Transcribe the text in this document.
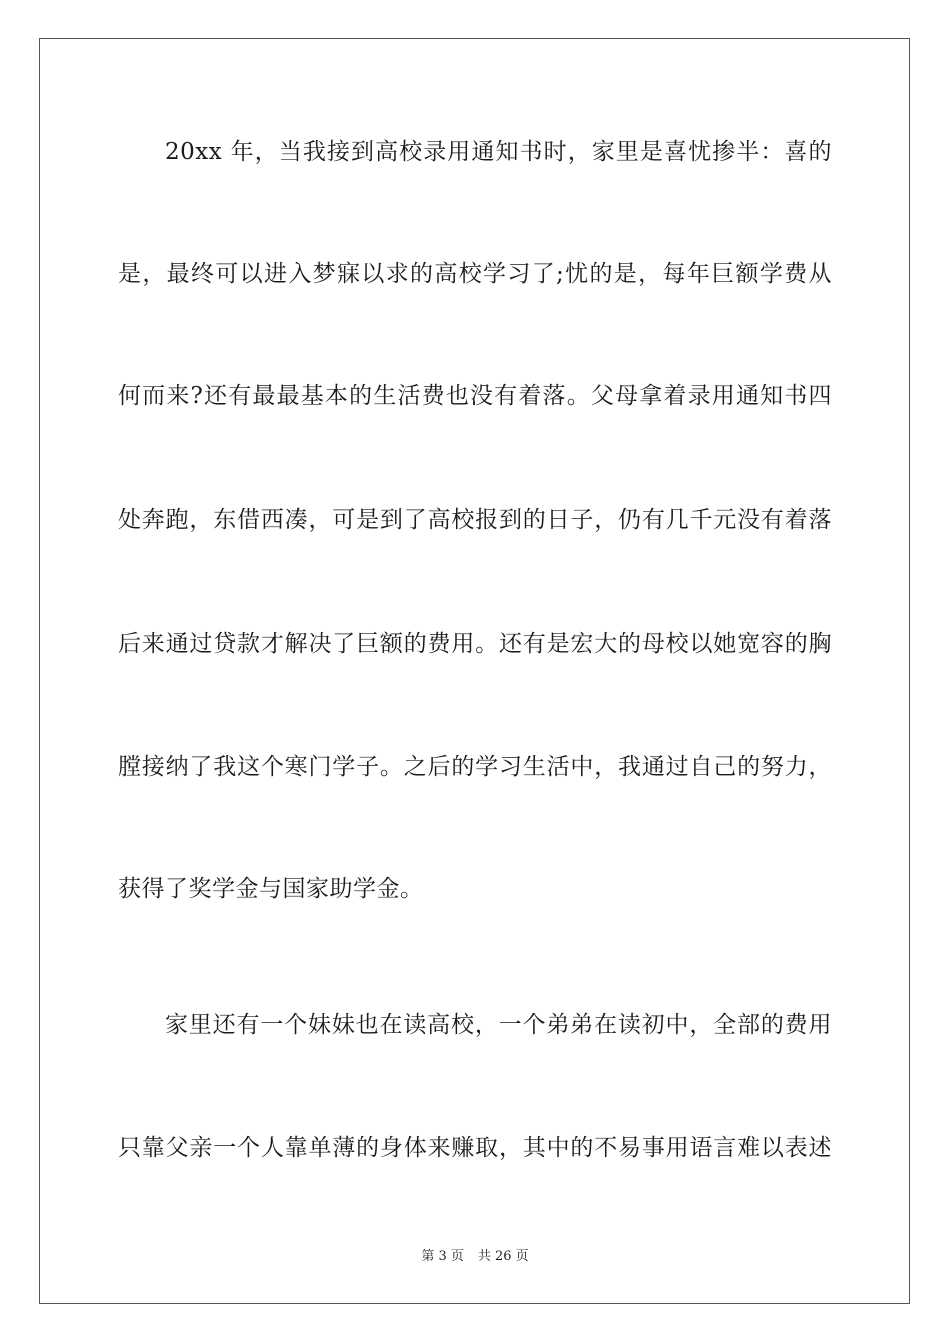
20xx 年，当我接到高校录用通知书时，家里是喜忧掺半：喜的
是，最终可以进入梦寐以求的高校学习了;忧的是，每年巨额学费从
何而来?还有最最基本的生活费也没有着落。父母拿着录用通知书四
处奔跑，东借西凑，可是到了高校报到的日子，仍有几千元没有着落
后来通过贷款才解决了巨额的费用。还有是宏大的母校以她宽容的胸
膛接纳了我这个寒门学子。之后的学习生活中，我通过自己的努力，
获得了奖学金与国家助学金。
家里还有一个妹妹也在读高校，一个弟弟在读初中，全部的费用
只靠父亲一个人靠单薄的身体来赚取，其中的不易事用语言难以表述
第 3 页 共 26 页
